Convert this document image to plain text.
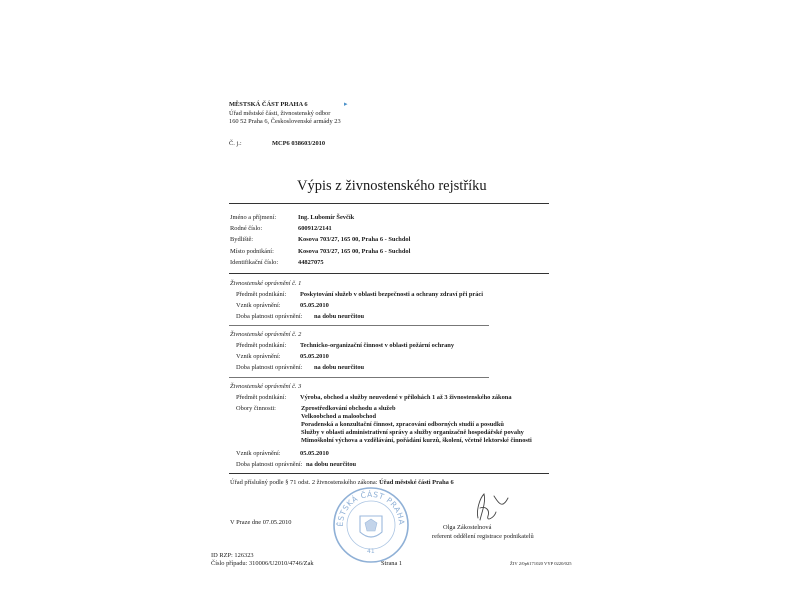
MĚSTSKÁ ČÁST PRAHA 6
Úřad městské části, živnostenský odbor
160 52 Praha 6, Československé armády 23
▸
Č. j.:	MCP6 038603/2010
Výpis z živnostenského rejstříku
Jméno a příjmení:	Ing. Lubomír Ševčík
Rodné číslo:	600912/2141
Bydliště:	Kosova 703/27, 165 00, Praha 6 - Suchdol
Místo podnikání:	Kosova 703/27, 165 00, Praha 6 - Suchdol
Identifikační číslo:	44827075
Živnostenské oprávnění č. 1
Předmět podnikání: Poskytování služeb v oblasti bezpečnosti a ochrany zdraví při práci
Vznik oprávnění:	05.05.2010
Doba platnosti oprávnění: na dobu neurčitou
Živnostenské oprávnění č. 2
Předmět podnikání: Technicko-organizační činnost v oblasti požární ochrany
Vznik oprávnění:	05.05.2010
Doba platnosti oprávnění: na dobu neurčitou
Živnostenské oprávnění č. 3
Předmět podnikání: Výroba, obchod a služby neuvedené v přílohách 1 až 3 živnostenského zákona
Obory činnosti:	Zprostředkování obchodu a služeb
Velkoobchod a maloobchod
Poradenská a konzultační činnost, zpracování odborných studií a posudků
Služby v oblasti administrativní správy a služby organizačně hospodářské povahy
Mimoškolní výchova a vzdělávání, pořádání kurzů, školení, včetně lektorské činnosti
Vznik oprávnění:	05.05.2010
Doba platnosti oprávnění: na dobu neurčitou
Úřad příslušný podle § 71 odst. 2 živnostenského zákona: Úřad městské části Praha 6
V Praze dne 07.05.2010	ĚSTSKÁ ČÁST PRAHA
41
Olga Zákostelnová
referent oddělení registrace podnikatelů
ID RZP: 126323
Číslo případu: 310006/U2010/4746/Zak	Strana 1	ŽIV 2/0p6171020 VYP 0220/025
